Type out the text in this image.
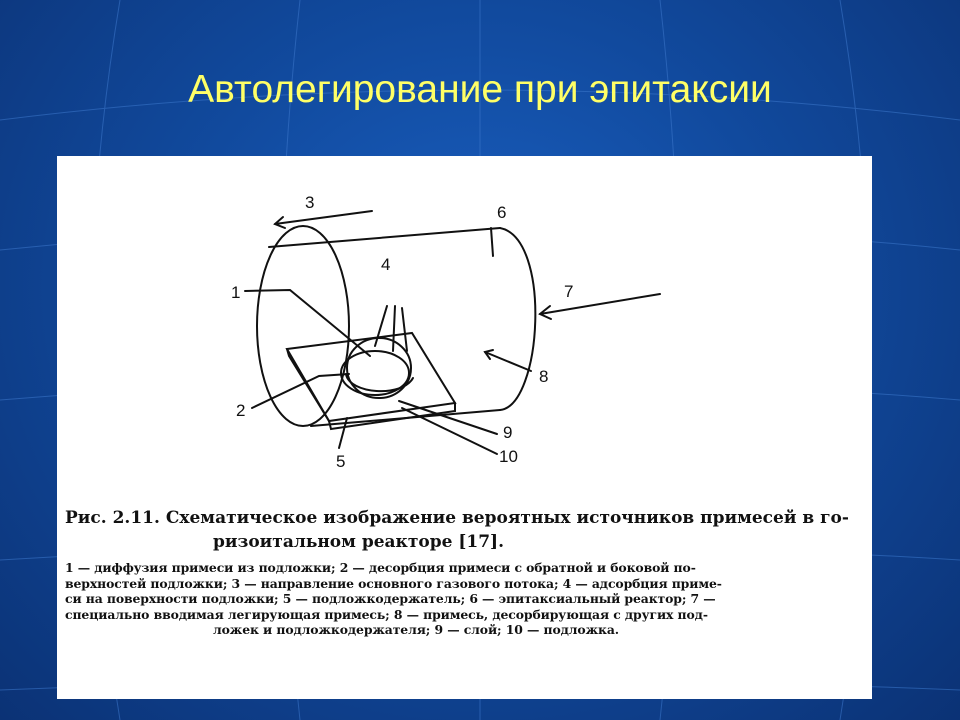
Автолегирование при эпитаксии
1
2
3
4
5
6
7
8
9
10
Рис. 2.11. Схематическое изображение вероятных источников примесей в го-
ризоитальном реакторе [17].
1 — диффузия примеси из подложки; 2 — десорбция примеси с обратной и боковой по-
верхностей подложки; 3 — направление основного газового потока; 4 — адсорбция приме-
си на поверхности подложки; 5 — подложкодержатель; 6 — эпитаксиальный реактор; 7 —
специально вводимая легирующая примесь; 8 — примесь, десорбирующая с других под-
ложек и подложкодержателя; 9 — слой; 10 — подложка.
